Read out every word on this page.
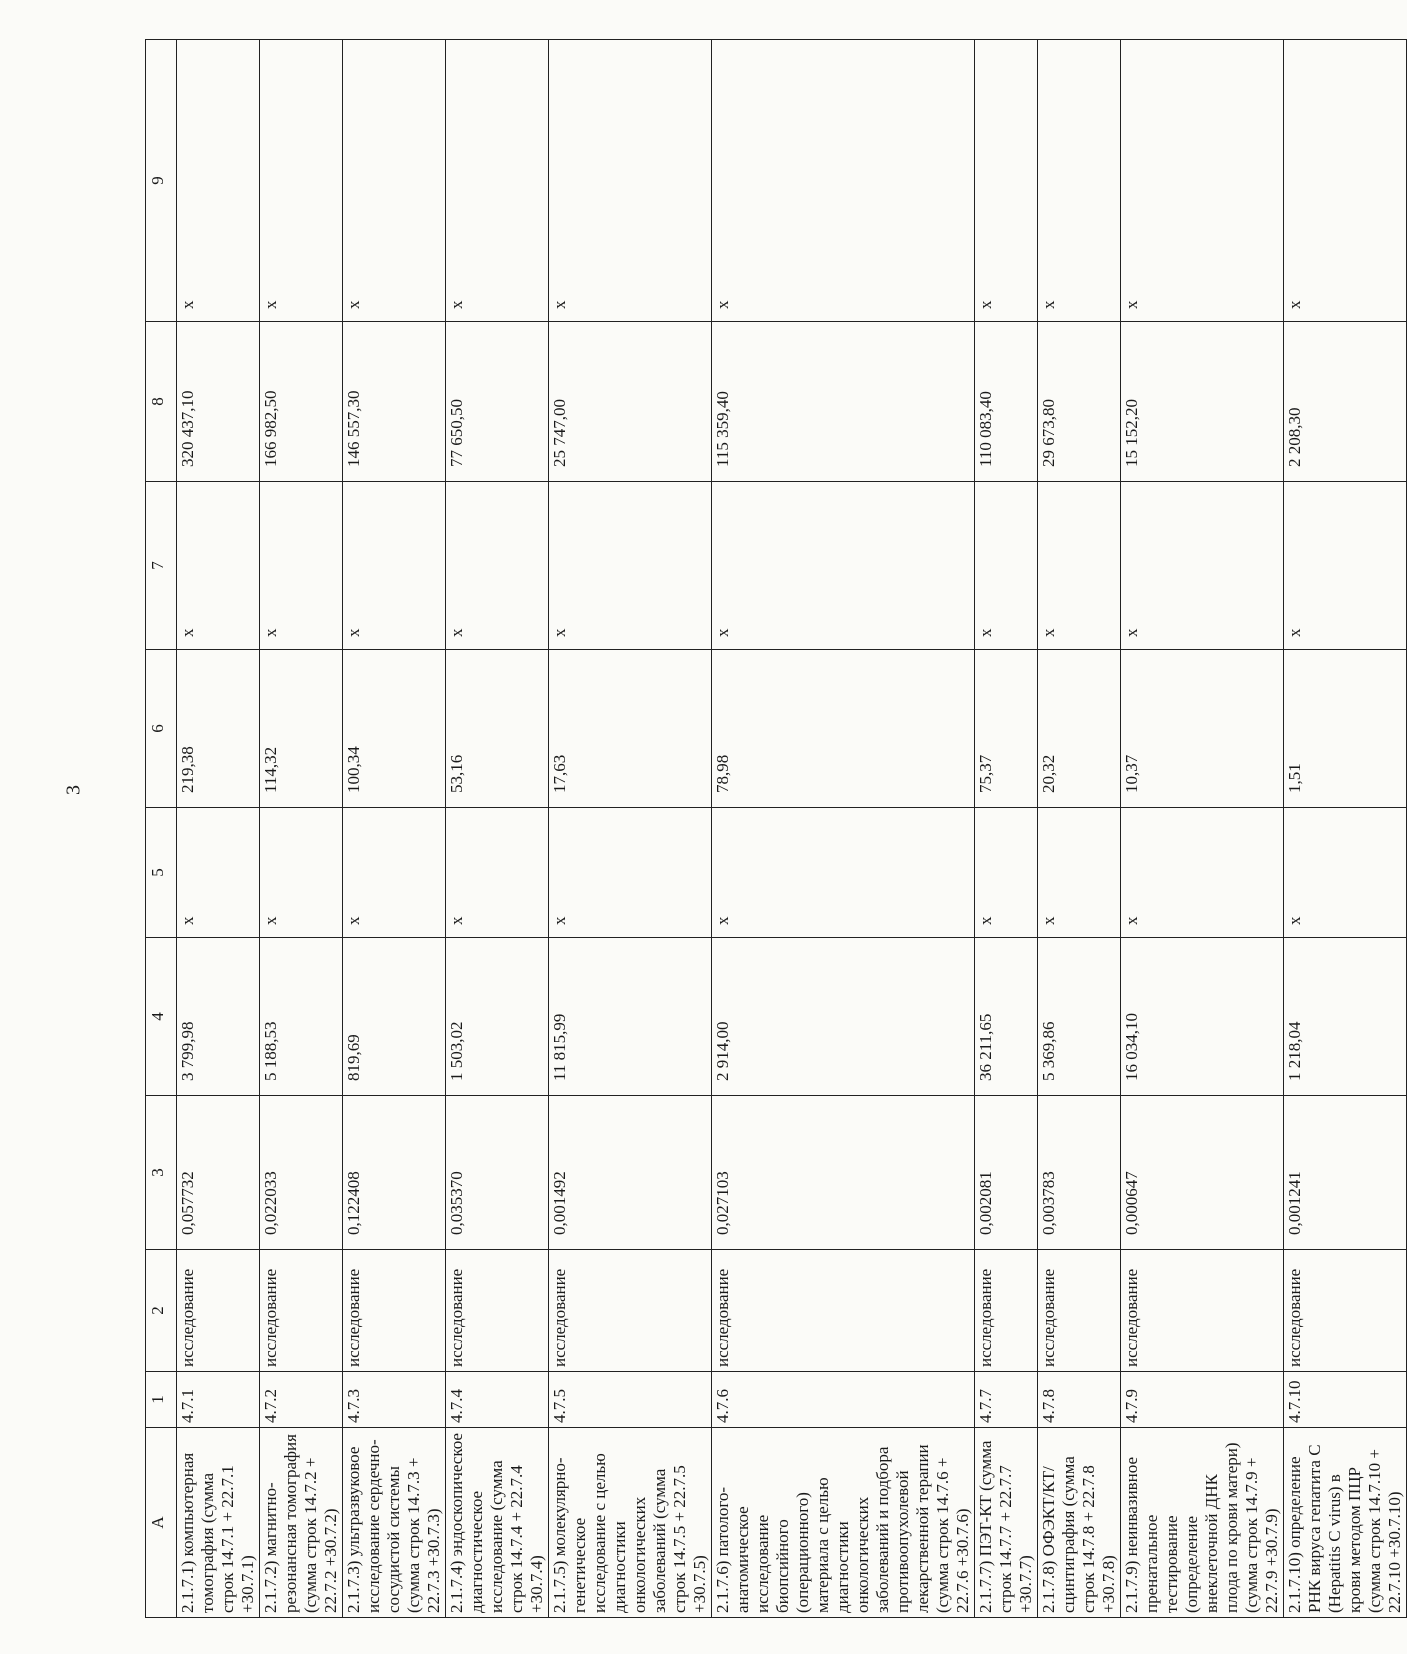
3
A	1	2	3	4	5	6	7	8	9
2.1.7.1) компьютерная томография (сумма строк 14.7.1 + 22.7.1 +30.7.1)	4.7.1	исследование	0,057732	3 799,98	х	219,38	х	320 437,10	х
2.1.7.2) магнитно-резонансная томография (сумма строк 14.7.2 + 22.7.2 +30.7.2)	4.7.2	исследование	0,022033	5 188,53	х	114,32	х	166 982,50	х
2.1.7.3) ультразвуковое исследование сердечно-сосудистой системы (сумма строк 14.7.3 + 22.7.3 +30.7.3)	4.7.3	исследование	0,122408	819,69	х	100,34	х	146 557,30	х
2.1.7.4) эндоскопическое диагностическое исследование (сумма строк 14.7.4 + 22.7.4 +30.7.4)	4.7.4	исследование	0,035370	1 503,02	х	53,16	х	77 650,50	х
2.1.7.5) молекулярно-генетическое исследование с целью диагностики онкологических заболеваний (сумма строк 14.7.5 + 22.7.5 +30.7.5)	4.7.5	исследование	0,001492	11 815,99	х	17,63	х	25 747,00	х
2.1.7.6) патолого-анатомическое исследование биопсийного (операционного) материала с целью диагностики онкологических заболеваний и подбора противоопухолевой лекарственной терапии (сумма строк 14.7.6 + 22.7.6 +30.7.6)	4.7.6	исследование	0,027103	2 914,00	х	78,98	х	115 359,40	х
2.1.7.7) ПЭТ-КТ (сумма строк 14.7.7 + 22.7.7 +30.7.7)	4.7.7	исследование	0,002081	36 211,65	х	75,37	х	110 083,40	х
2.1.7.8) ОФЭКТ/КТ/сцинтиграфия (сумма строк 14.7.8 + 22.7.8 +30.7.8)	4.7.8	исследование	0,003783	5 369,86	х	20,32	х	29 673,80	х
2.1.7.9) неинвазивное пренатальное тестирование (определение внеклеточной ДНК плода по крови матери) (сумма строк 14.7.9 + 22.7.9 +30.7.9)	4.7.9	исследование	0,000647	16 034,10	х	10,37	х	15 152,20	х
2.1.7.10) определение РНК вируса гепатита С (Hepatitis C virus) в крови методом ПЦР (сумма строк 14.7.10 + 22.7.10 +30.7.10)	4.7.10	исследование	0,001241	1 218,04	х	1,51	х	2 208,30	х
